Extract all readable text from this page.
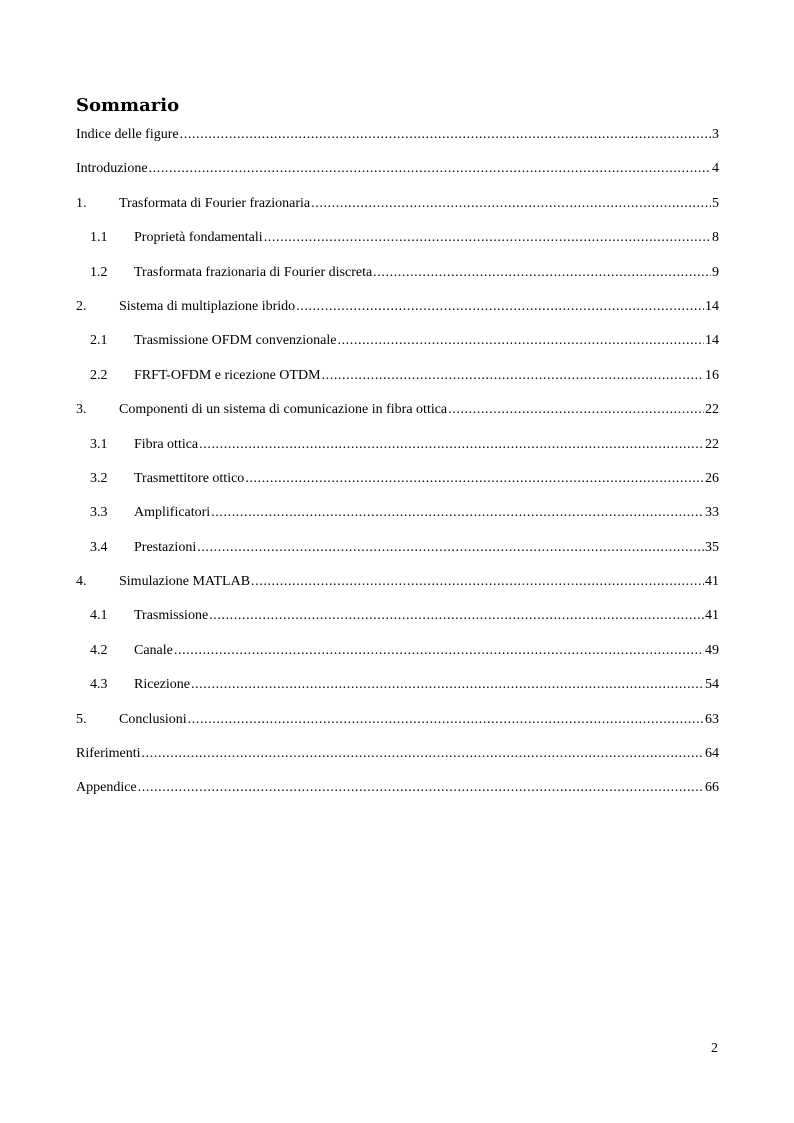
Sommario
Indice delle figure .....	3
Introduzione .....	4
1.	Trasformata di Fourier frazionaria .....	5
1.1	Proprietà fondamentali .....	8
1.2	Trasformata frazionaria di Fourier discreta .....	9
2.	Sistema di multiplazione ibrido .....	14
2.1	Trasmissione OFDM convenzionale .....	14
2.2	FRFT-OFDM e ricezione OTDM .....	16
3.	Componenti di un sistema di comunicazione in fibra ottica .....	22
3.1	Fibra ottica .....	22
3.2	Trasmettitore ottico .....	26
3.3	Amplificatori .....	33
3.4	Prestazioni .....	35
4.	Simulazione MATLAB .....	41
4.1	Trasmissione .....	41
4.2	Canale .....	49
4.3	Ricezione .....	54
5.	Conclusioni .....	63
Riferimenti .....	64
Appendice .....	66
2
